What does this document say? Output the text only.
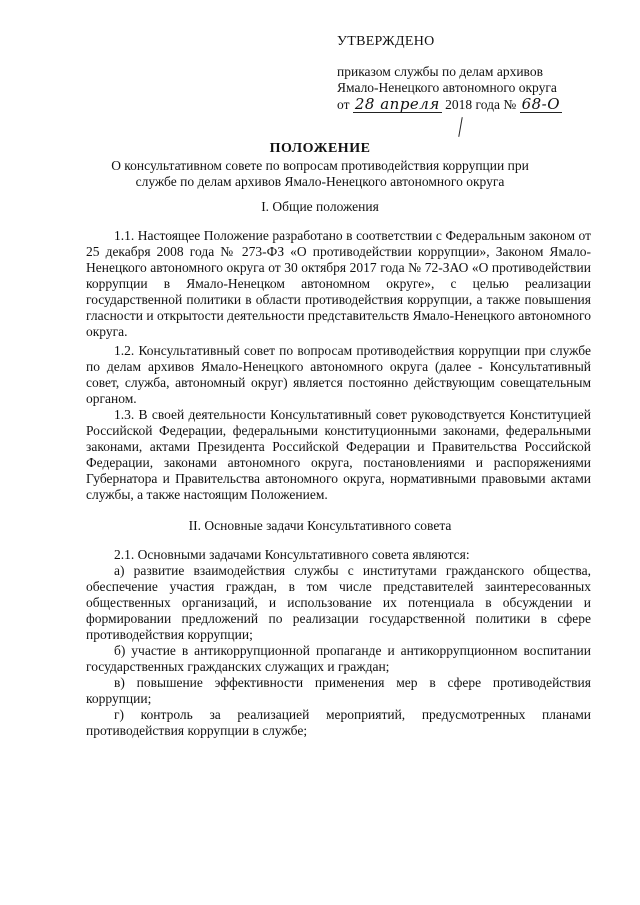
УТВЕРЖДЕНО
приказом службы по делам архивов
Ямало-Ненецкого автономного округа
от 28 апреля 2018 года № 68-О
ПОЛОЖЕНИЕ
О консультативном совете по вопросам противодействия коррупции при службе по делам архивов Ямало-Ненецкого автономного округа
I. Общие положения
1.1. Настоящее Положение разработано в соответствии с Федеральным законом от 25 декабря 2008 года № 273-ФЗ «О противодействии коррупции», Законом Ямало-Ненецкого автономного округа от 30 октября 2017 года № 72-ЗАО «О противодействии коррупции в Ямало-Ненецком автономном округе», с целью реализации государственной политики в области противодействия коррупции, а также повышения гласности и открытости деятельности представительств Ямало-Ненецкого автономного округа.
1.2. Консультативный совет по вопросам противодействия коррупции при службе по делам архивов Ямало-Ненецкого автономного округа (далее - Консультативный совет, служба, автономный округ) является постоянно действующим совещательным органом.
1.3. В своей деятельности Консультативный совет руководствуется Конституцией Российской Федерации, федеральными конституционными законами, федеральными законами, актами Президента Российской Федерации и Правительства Российской Федерации, законами автономного округа, постановлениями и распоряжениями Губернатора и Правительства автономного округа, нормативными правовыми актами службы, а также настоящим Положением.
II. Основные задачи Консультативного совета
2.1. Основными задачами Консультативного совета являются:
а) развитие взаимодействия службы с институтами гражданского общества, обеспечение участия граждан, в том числе представителей заинтересованных общественных организаций, и использование их потенциала в обсуждении и формировании предложений по реализации государственной политики в сфере противодействия коррупции;
б) участие в антикоррупционной пропаганде и антикоррупционном воспитании государственных гражданских служащих и граждан;
в) повышение эффективности применения мер в сфере противодействия коррупции;
г) контроль за реализацией мероприятий, предусмотренных планами противодействия коррупции в службе;
